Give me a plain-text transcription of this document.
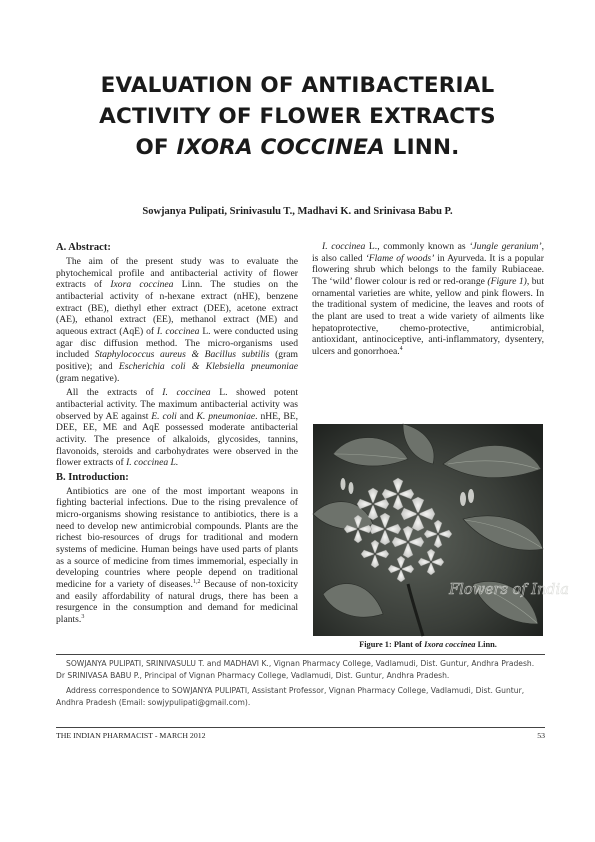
EVALUATION OF ANTIBACTERIAL
ACTIVITY OF FLOWER EXTRACTS
OF IXORA COCCINEA LINN.
Sowjanya Pulipati, Srinivasulu T., Madhavi K. and Srinivasa Babu P.
A. Abstract:

The aim of the present study was to evaluate the phytochemical profile and antibacterial activity of flower extracts of Ixora coccinea Linn. The studies on the antibacterial activity of n-hexane extract (nHE), benzene extract (BE), diethyl ether extract (DEE), acetone extract (AE), ethanol extract (EE), methanol extract (ME) and aqueous extract (AqE) of I. coccinea L. were conducted using agar disc diffusion method. The micro-organisms used included Staphylococcus aureus & Bacillus subtilis (gram positive); and Escherichia coli & Klebsiella pneumoniae (gram negative).

All the extracts of I. coccinea L. showed potent antibacterial activity. The maximum antibacterial activity was observed by AE against E. coli and K. pneumoniae. nHE, BE, DEE, EE, ME and AqE possessed moderate antibacterial activity. The presence of alkaloids, glycosides, tannins, flavonoids, steroids and carbohydrates were observed in the flower extracts of I. coccinea L.

B. Introduction:

Antibiotics are one of the most important weapons in fighting bacterial infections. Due to the rising prevalence of micro-organisms showing resistance to antibiotics, there is a need to develop new antimicrobial compounds. Plants are the richest bio-resources of drugs for traditional and modern systems of medicine. Human beings have used parts of plants as a source of medicine from times immemorial, especially in developing countries where people depend on traditional medicine for a variety of diseases.$^{1,2}$ Because of non-toxicity and easily affordability of natural drugs, there has been a resurgence in the consumption and demand for medicinal plants.$^3$

I. coccinea L., commonly known as ‘Jungle geranium’, is also called ‘Flame of woods’ in Ayurveda. It is a popular flowering shrub which belongs to the family Rubiaceae. The ‘wild’ flower colour is red or red-orange (Figure 1), but ornamental varieties are white, yellow and pink flowers. In the traditional system of medicine, the leaves and roots of the plant are used to treat a wide variety of ailments like hepatoprotective, chemo-protective, antimicrobial, antioxidant, antinociceptive, anti-inflammatory, dysentery, ulcers and gonorrhoea.$^4$

Flowers of India
Figure 1: Plant of Ixora coccinea Linn.

SOWJANYA PULIPATI, SRINIVASULU T. and MADHAVI K., Vignan Pharmacy College, Vadlamudi, Dist. Guntur, Andhra Pradesh. Dr SRINIVASA BABU P., Principal of Vignan Pharmacy College, Vadlamudi, Dist. Guntur, Andhra Pradesh.

Address correspondence to SOWJANYA PULIPATI, Assistant Professor, Vignan Pharmacy College, Vadlamudi, Dist. Guntur, Andhra Pradesh (Email: sowjypulipati@gmail.com).

THE INDIAN PHARMACIST - MARCH 2012	53
